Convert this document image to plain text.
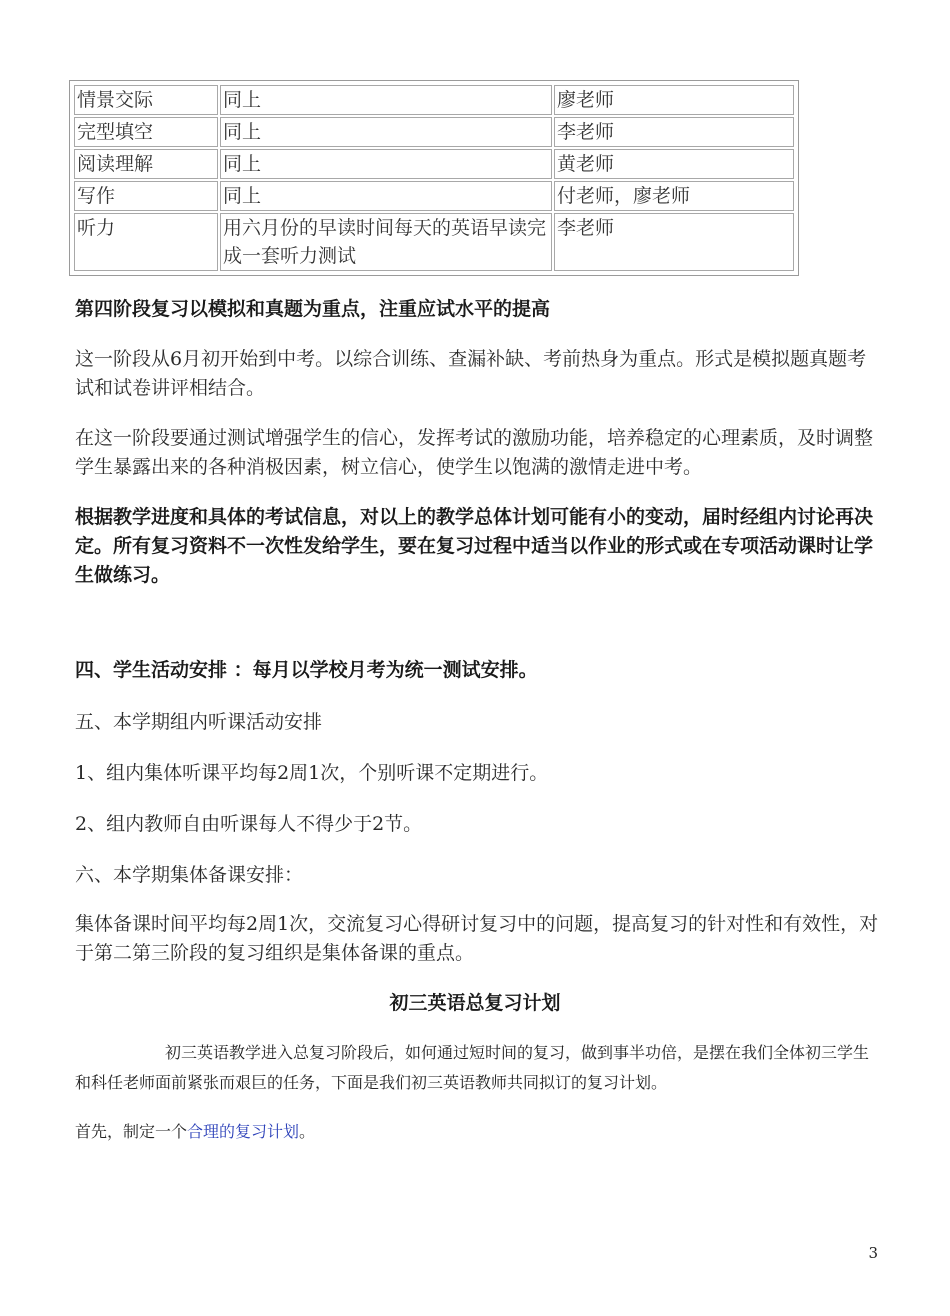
情景交际	同上	廖老师
完型填空	同上	李老师
阅读理解	同上	黄老师
写作	同上	付老师，廖老师
听力	用六月份的早读时间每天的英语早读完成一套听力测试	李老师

第四阶段复习以模拟和真题为重点，注重应试水平的提高

这一阶段从6月初开始到中考。以综合训练、查漏补缺、考前热身为重点。形式是模拟题真题考试和试卷讲评相结合。

在这一阶段要通过测试增强学生的信心，发挥考试的激励功能，培养稳定的心理素质，及时调整学生暴露出来的各种消极因素，树立信心，使学生以饱满的激情走进中考。

根据教学进度和具体的考试信息，对以上的教学总体计划可能有小的变动，届时经组内讨论再决定。所有复习资料不一次性发给学生，要在复习过程中适当以作业的形式或在专项活动课时让学生做练习。

四、学生活动安排 ：每月以学校月考为统一测试安排。

五、本学期组内听课活动安排

1、组内集体听课平均每2周1次，个别听课不定期进行。

2、组内教师自由听课每人不得少于2节。

六、本学期集体备课安排：

集体备课时间平均每2周1次，交流复习心得研讨复习中的问题，提高复习的针对性和有效性，对于第二第三阶段的复习组织是集体备课的重点。

初三英语总复习计划
初三英语教学进入总复习阶段后，如何通过短时间的复习，做到事半功倍，是摆在我们全体初三学生和科任老师面前紧张而艰巨的任务，下面是我们初三英语教师共同拟订的复习计划。
首先，制定一个合理的复习计划。
3
